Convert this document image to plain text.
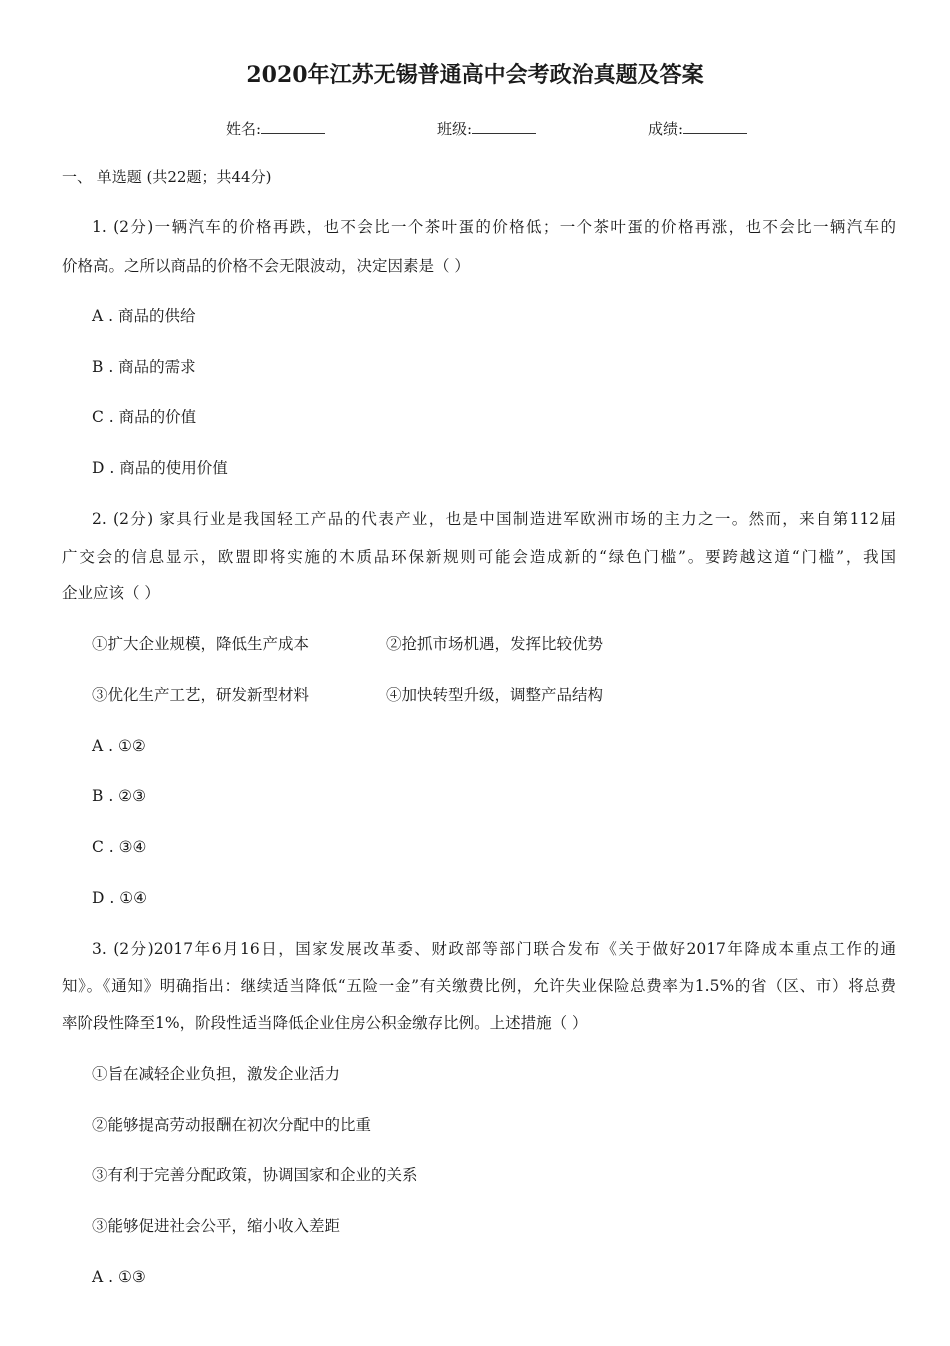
2020年江苏无锡普通高中会考政治真题及答案
姓名:	班级:	成绩:
一、 单选题 (共22题；共44分)
1. (2分)一辆汽车的价格再跌，也不会比一个茶叶蛋的价格低；一个茶叶蛋的价格再涨，也不会比一辆汽车的
价格高。之所以商品的价格不会无限波动，决定因素是（ ）
A . 商品的供给
B . 商品的需求
C . 商品的价值
D . 商品的使用价值
2. (2分) 家具行业是我国轻工产品的代表产业，也是中国制造进军欧洲市场的主力之一。然而，来自第112届
广交会的信息显示，欧盟即将实施的木质品环保新规则可能会造成新的“绿色门槛”。要跨越这道“门槛”，我国
企业应该（ ）
①扩大企业规模，降低生产成本	②抢抓市场机遇，发挥比较优势
③优化生产工艺，研发新型材料	④加快转型升级，调整产品结构
A . ①②
B . ②③
C . ③④
D . ①④
3. (2分)2017年6月16日，国家发展改革委、财政部等部门联合发布《关于做好2017年降成本重点工作的通
知》。《通知》明确指出：继续适当降低“五险一金”有关缴费比例，允许失业保险总费率为1.5%的省（区、市）将总费
率阶段性降至1%，阶段性适当降低企业住房公积金缴存比例。上述措施（ ）
①旨在减轻企业负担，激发企业活力
②能够提高劳动报酬在初次分配中的比重
③有利于完善分配政策，协调国家和企业的关系
③能够促进社会公平，缩小收入差距
A . ①③
